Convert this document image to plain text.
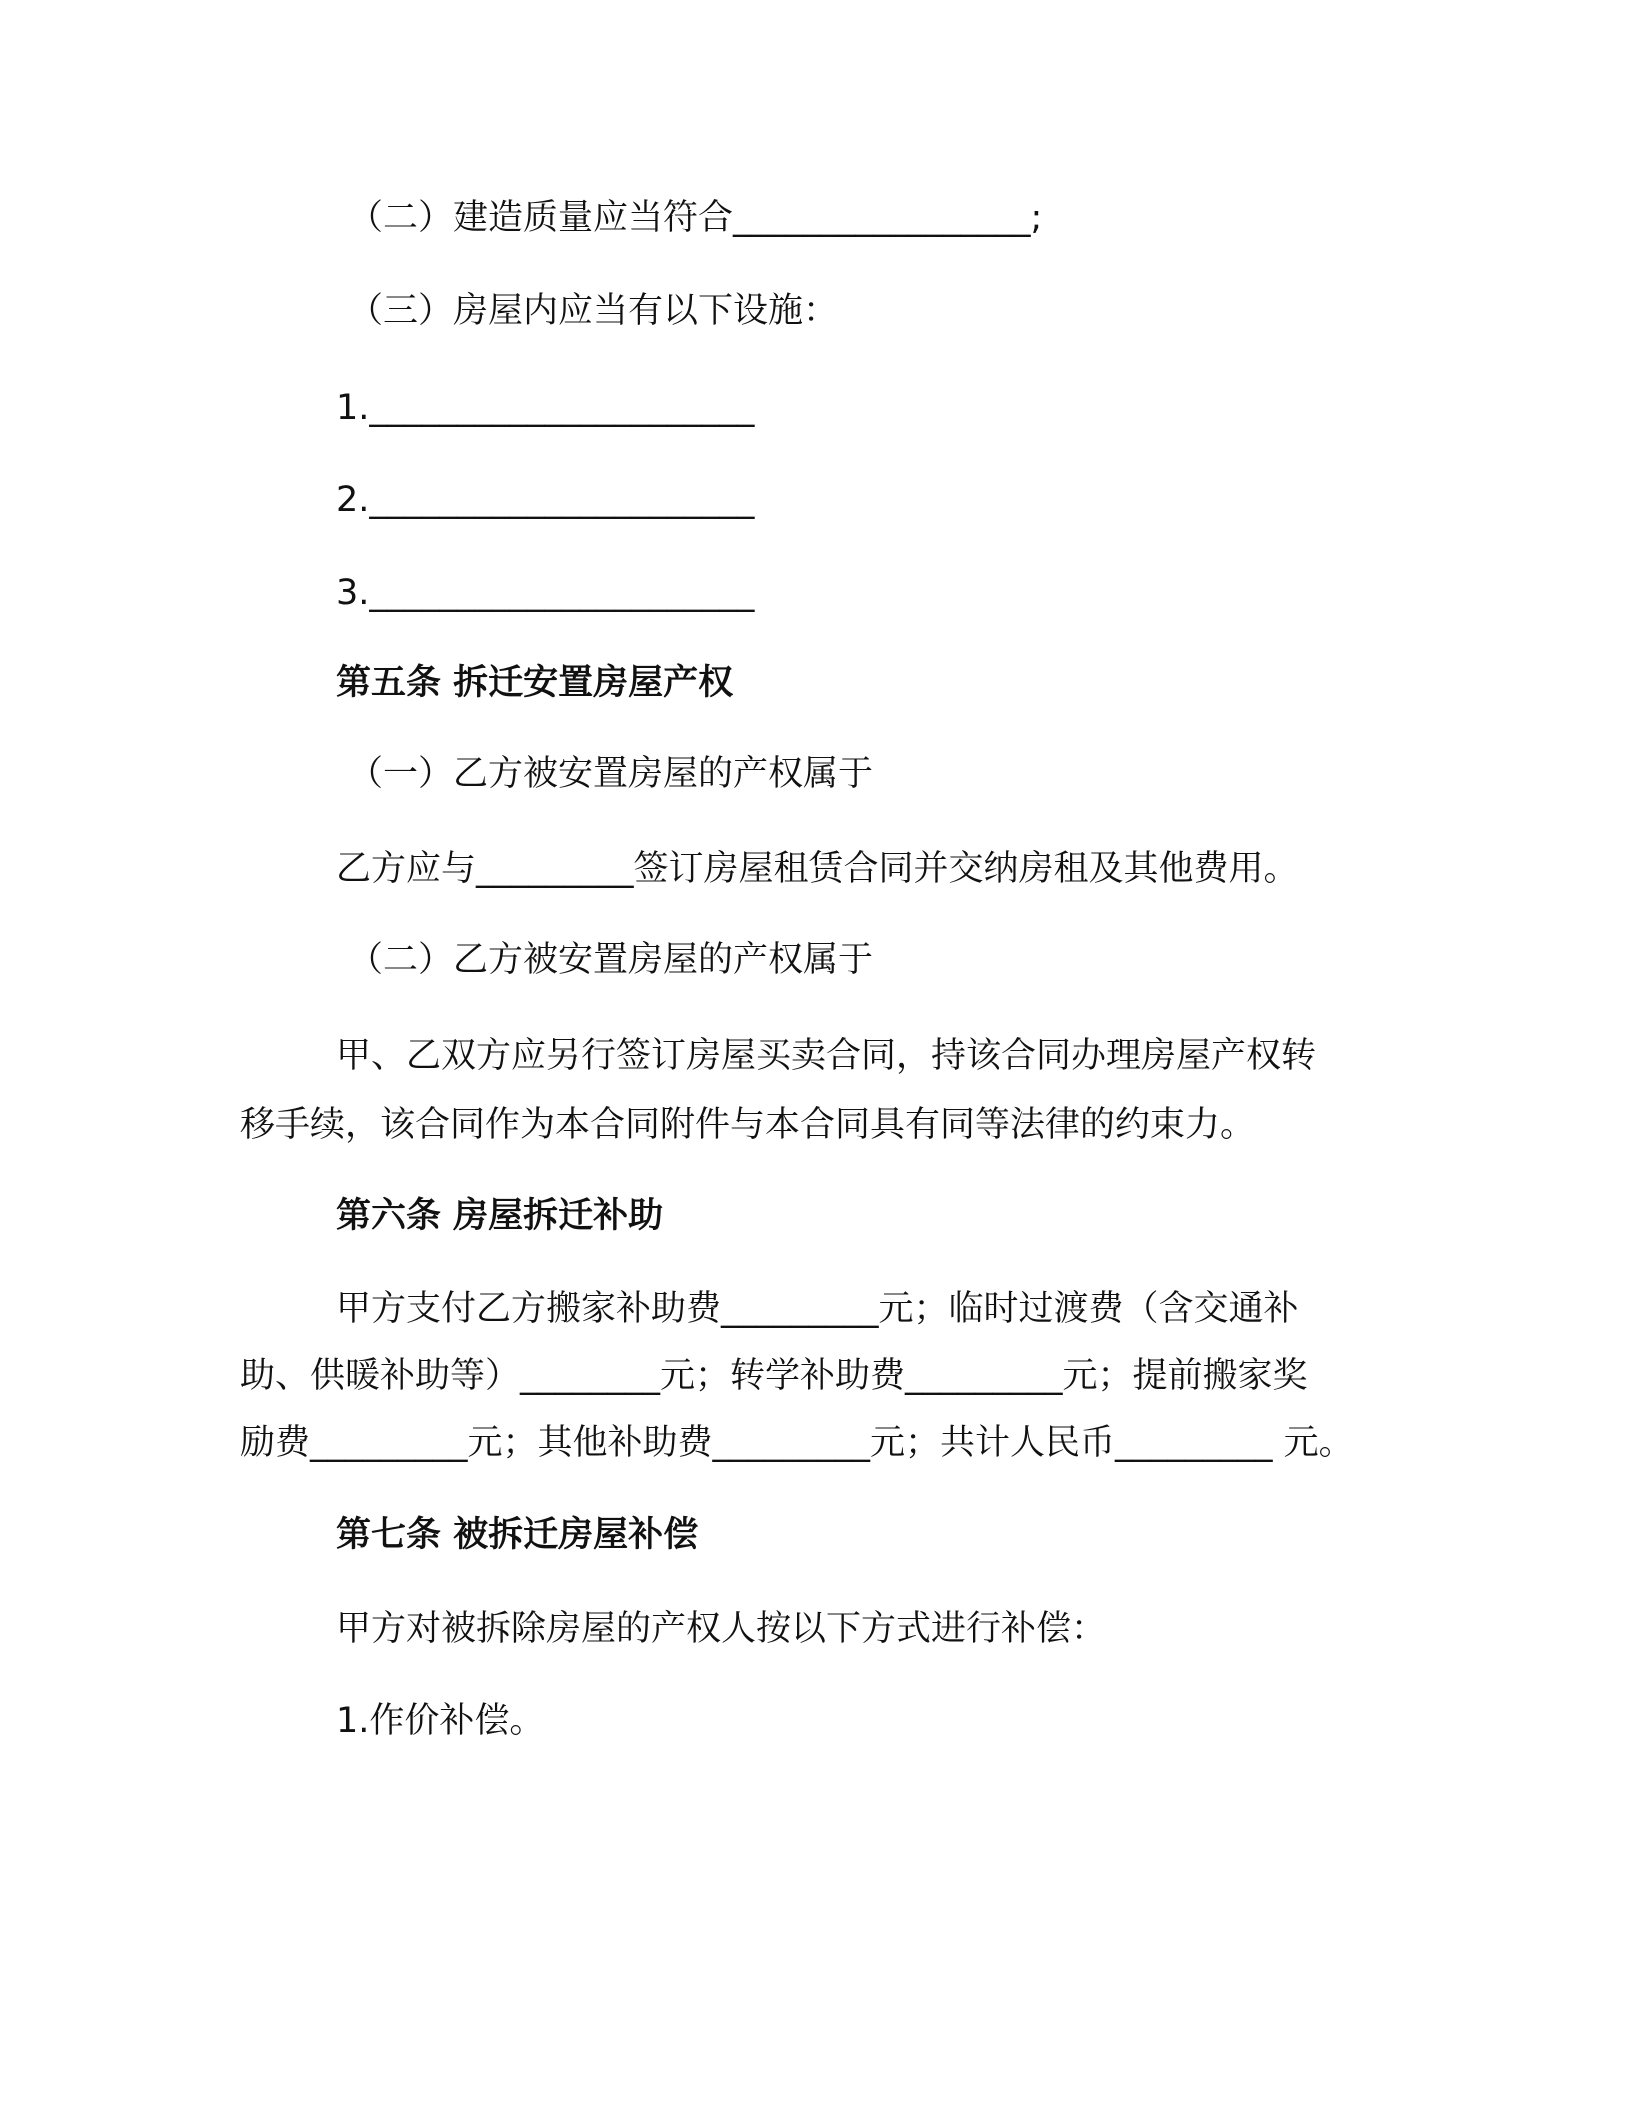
（二）建造质量应当符合_________________;
（三）房屋内应当有以下设施：
1.______________________
2.______________________
3.______________________
第五条 拆迁安置房屋产权
（一）乙方被安置房屋的产权属于
乙方应与_________签订房屋租赁合同并交纳房租及其他费用。
（二）乙方被安置房屋的产权属于
甲、乙双方应另行签订房屋买卖合同，持该合同办理房屋产权转
移手续，该合同作为本合同附件与本合同具有同等法律的约束力。
第六条 房屋拆迁补助
甲方支付乙方搬家补助费_________元；临时过渡费（含交通补
助、供暖补助等）________元；转学补助费_________元；提前搬家奖
励费_________元；其他补助费_________元；共计人民币_________ 元。
第七条 被拆迁房屋补偿
甲方对被拆除房屋的产权人按以下方式进行补偿：
1.作价补偿。
